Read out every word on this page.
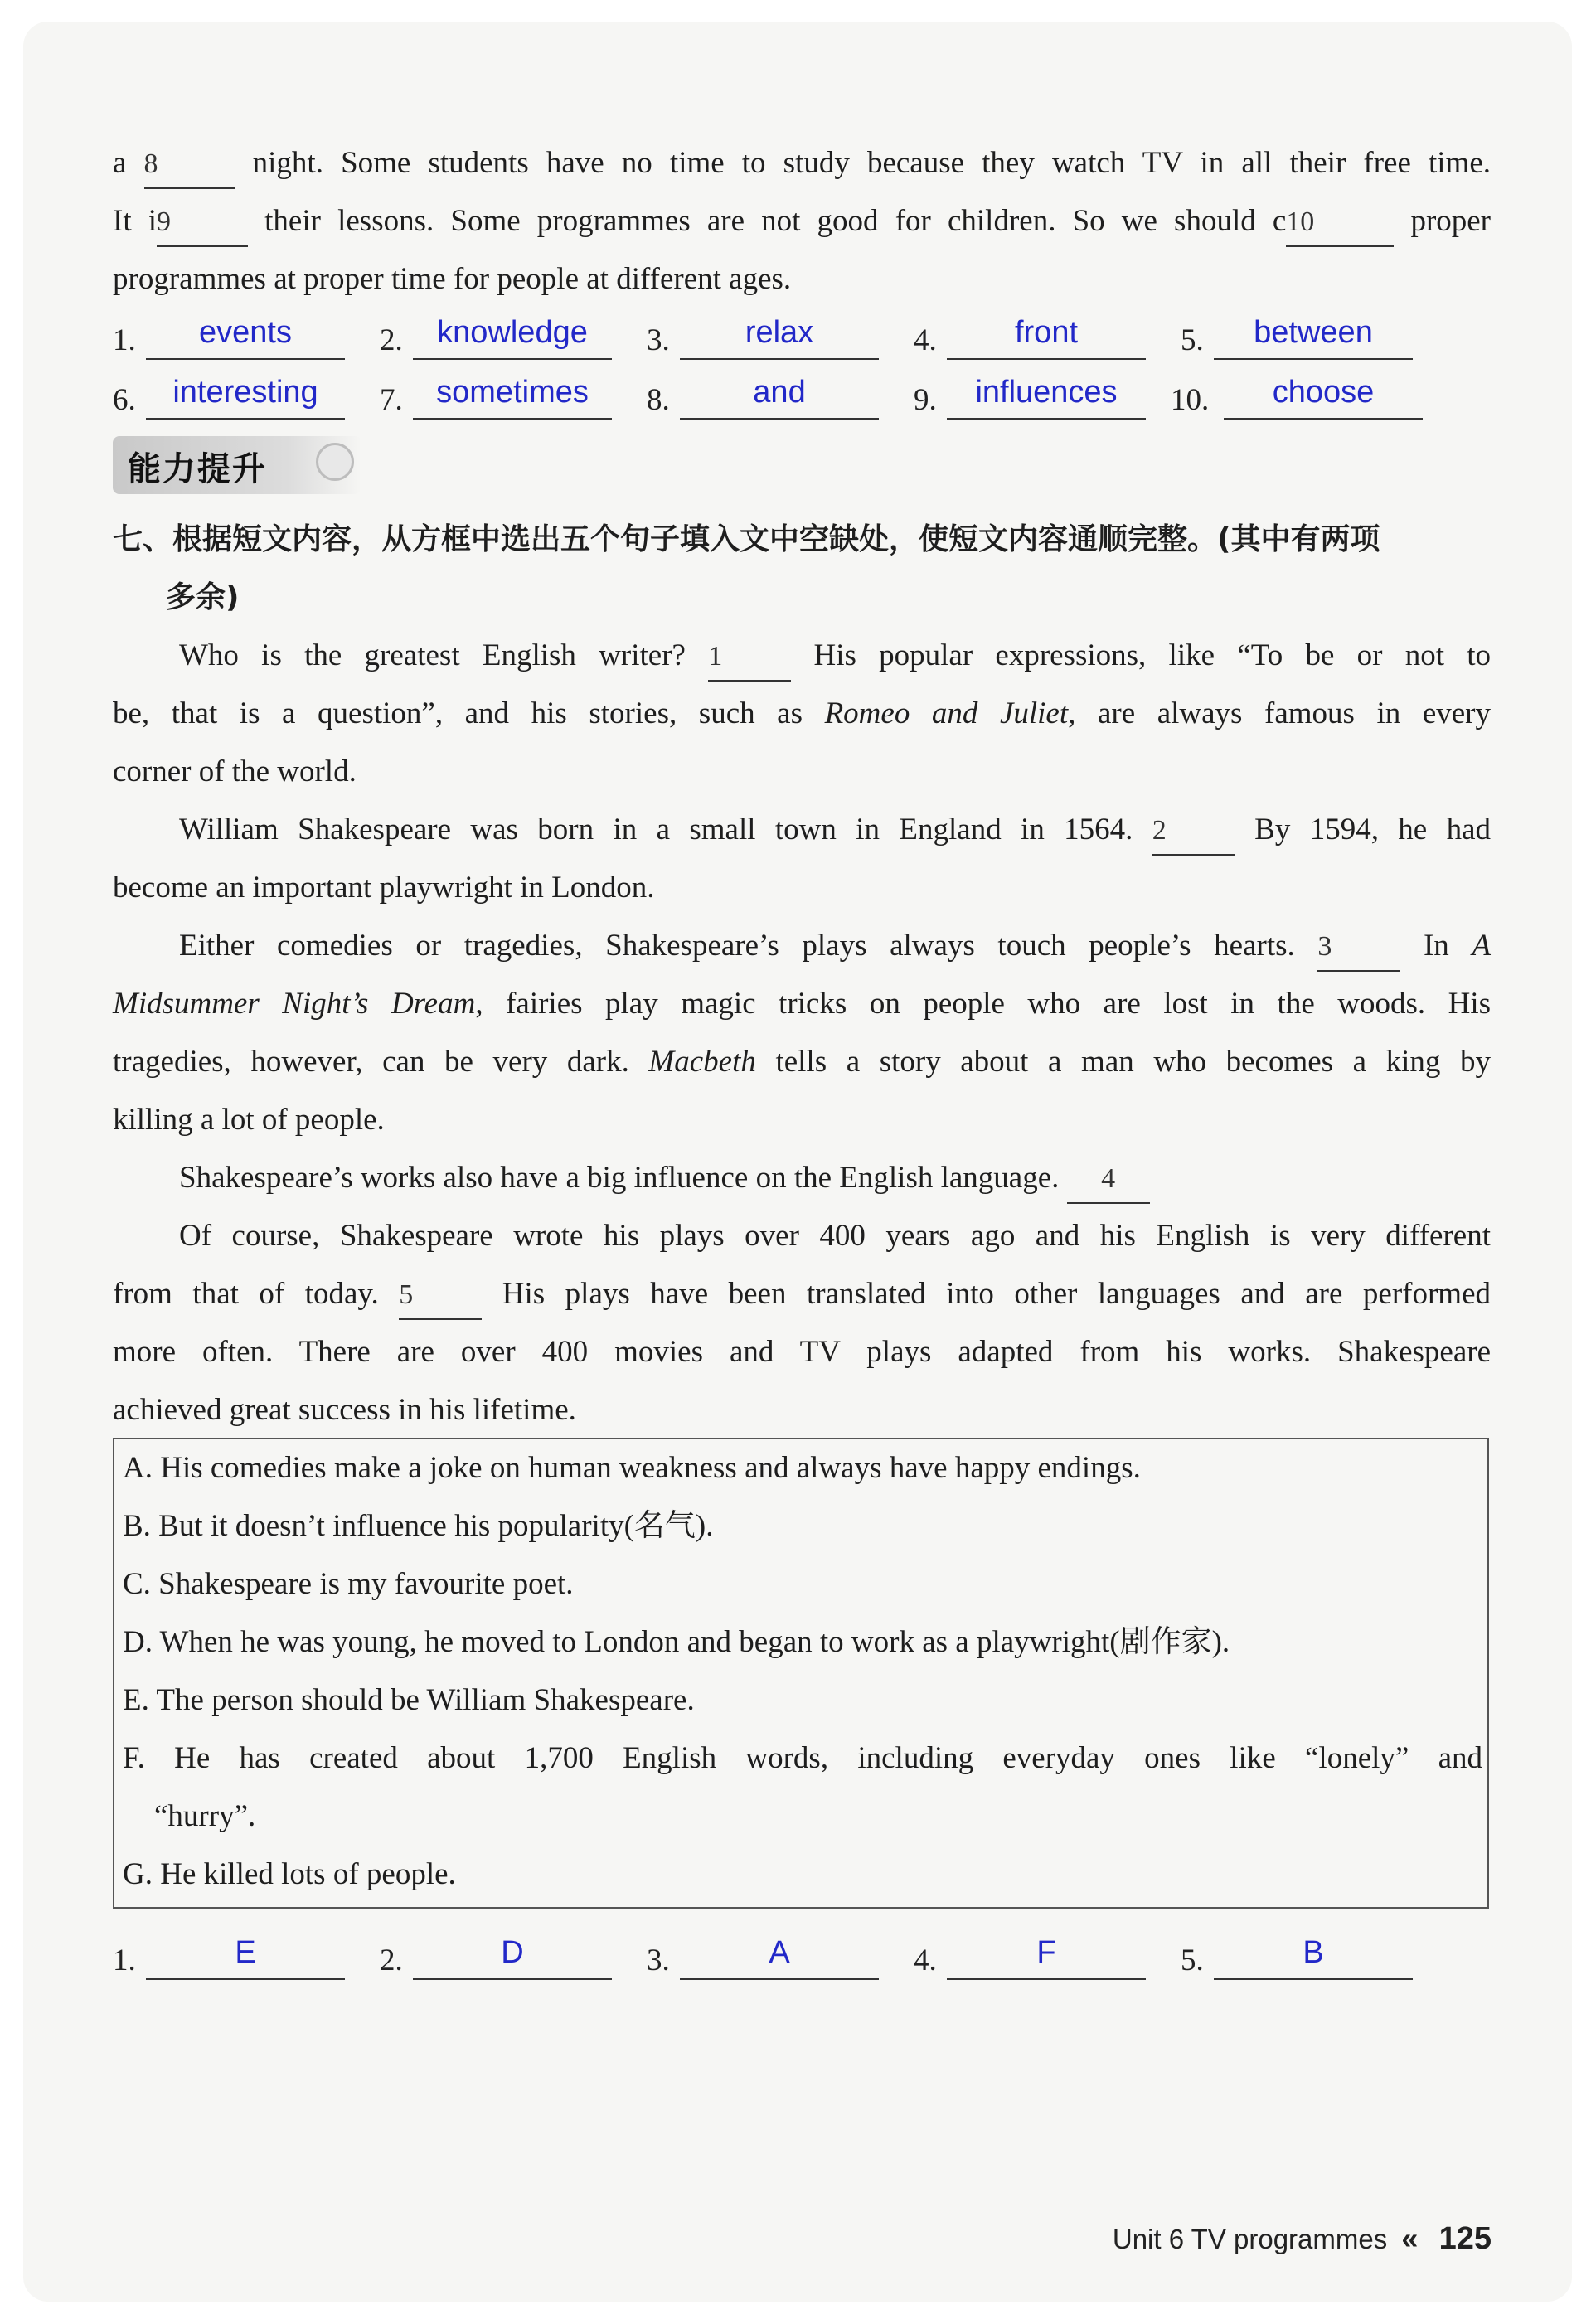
a 8	night. Some students have no time to study because they watch TV in all their free time.
It i9	their lessons. Some programmes are not good for children. So we should c10	proper
programmes at proper time for people at different ages.
1.	events	2.	knowledge	3.	relax	4.	front	5.	between
6.	interesting	7.	sometimes	8.	and	9.	influences	10.	choose
能力提升
七、根据短文内容，从方框中选出五个句子填入文中空缺处，使短文内容通顺完整。(其中有两项
多余)
Who is the greatest English writer? 1	His popular expressions, like “To be or not to
be, that is a question”, and his stories, such as Romeo and Juliet, are always famous in every
corner of the world.
William Shakespeare was born in a small town in England in 1564. 2	By 1594, he had
become an important playwright in London.
Either comedies or tragedies, Shakespeare’s plays always touch people’s hearts. 3	In A
Midsummer Night’s Dream, fairies play magic tricks on people who are lost in the woods. His
tragedies, however, can be very dark. Macbeth tells a story about a man who becomes a king by
killing a lot of people.
Shakespeare’s works also have a big influence on the English language. 4
Of course, Shakespeare wrote his plays over 400 years ago and his English is very different
from that of today. 5	His plays have been translated into other languages and are performed
more often. There are over 400 movies and TV plays adapted from his works. Shakespeare
achieved great success in his lifetime.
A. His comedies make a joke on human weakness and always have happy endings.
B. But it doesn’t influence his popularity(名气).
C. Shakespeare is my favourite poet.
D. When he was young, he moved to London and began to work as a playwright(剧作家).
E. The person should be William Shakespeare.
F. He has created about 1,700 English words, including everyday ones like “lonely” and
“hurry”.
G. He killed lots of people.
1.	E	2.	D	3.	A	4.	F	5.	B
Unit 6 TV programmes « 125
